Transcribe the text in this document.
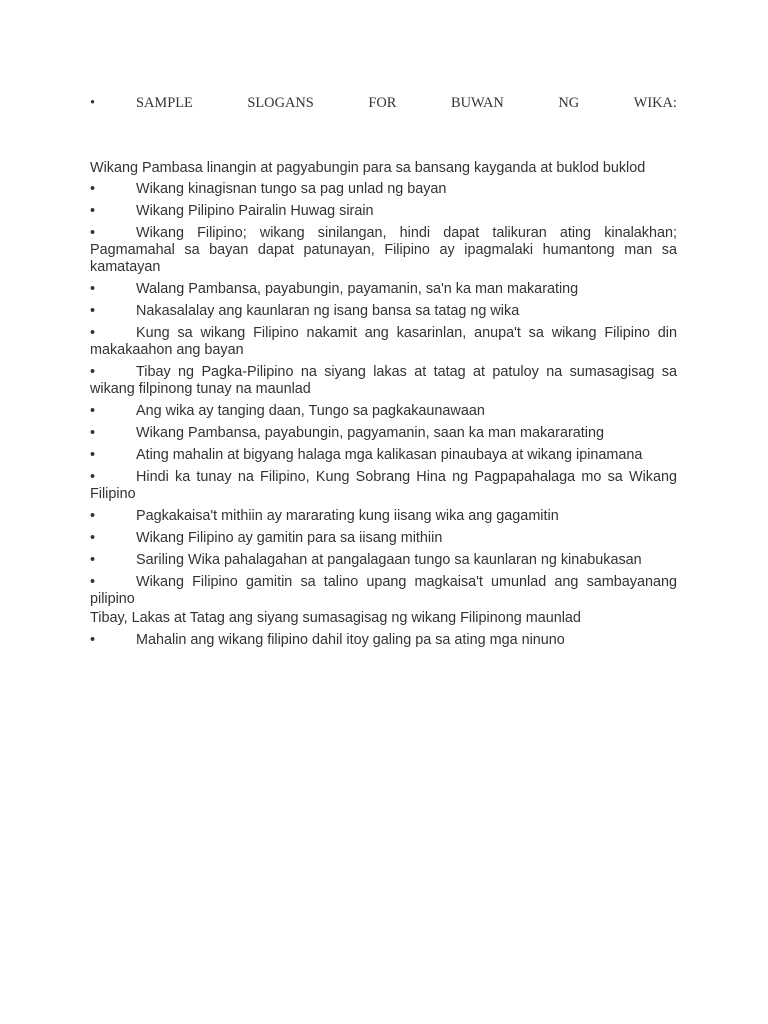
•	SAMPLE	SLOGANS	FOR	BUWAN	NG	WIKA:

Wikang Pambasa linangin at pagyabungin para sa bansang kayganda at buklod buklod

•	Wikang kinagisnan tungo sa pag unlad ng bayan

•	Wikang Pilipino Pairalin Huwag sirain

•	Wikang Filipino; wikang sinilangan, hindi dapat talikuran ating kinalakhan; Pagmamahal sa bayan dapat patunayan, Filipino ay ipagmalaki humantong man sa kamatayan

•	Walang Pambansa, payabungin, payamanin, sa'n ka man makarating

•	Nakasalalay ang kaunlaran ng isang bansa sa tatag ng wika

•	Kung sa wikang Filipino nakamit ang kasarinlan, anupa't sa wikang Filipino din makakaahon ang bayan

•	Tibay ng Pagka-Pilipino na siyang lakas at tatag at patuloy na sumasagisag sa wikang filpinong tunay na maunlad

•	Ang wika ay tanging daan, Tungo sa pagkakaunawaan

•	Wikang Pambansa, payabungin, pagyamanin, saan ka man makararating

•	Ating mahalin at bigyang halaga mga kalikasan pinaubaya at wikang ipinamana

•	Hindi ka tunay na Filipino, Kung Sobrang Hina ng Pagpapahalaga mo sa Wikang Filipino

•	Pagkakaisa't mithiin ay mararating kung iisang wika ang gagamitin

•	Wikang Filipino ay gamitin para sa iisang mithiin

•	Sariling Wika pahalagahan at pangalagaan tungo sa kaunlaran ng kinabukasan

•	Wikang Filipino gamitin sa talino upang magkaisa't umunlad ang sambayanang pilipino

Tibay, Lakas at Tatag ang siyang sumasagisag ng wikang Filipinong maunlad

•	Mahalin ang wikang filipino dahil itoy galing pa sa ating mga ninuno
